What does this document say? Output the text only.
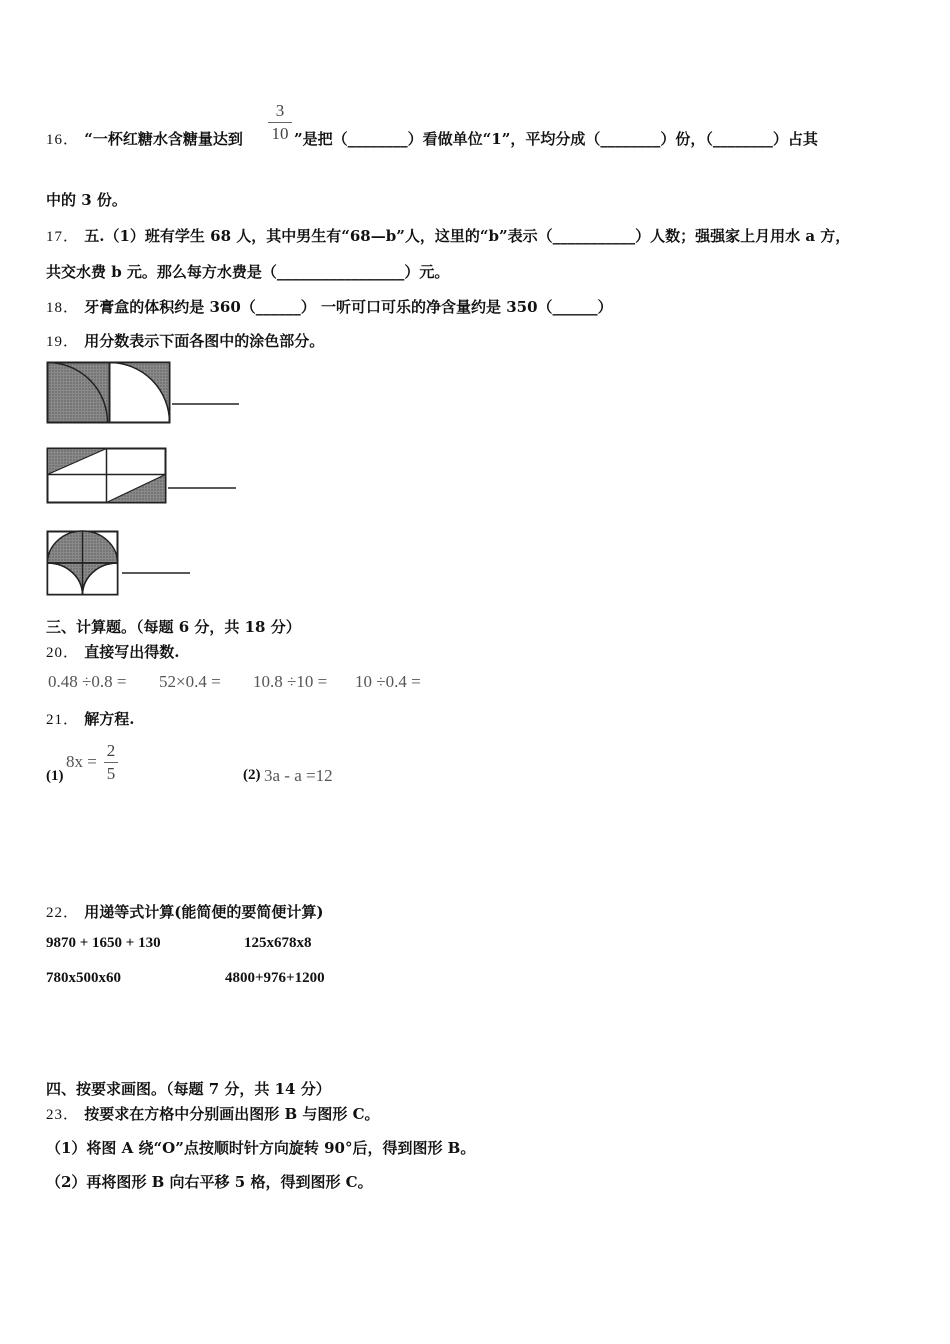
16． “一杯红糖水含糖量达到
3
10 ”是把（________）看做单位“1”，平均分成（________）份，（________）占其
中的 3 份。
17． 五.（1）班有学生 68 人，其中男生有“68—b”人，这里的“b”表示（___________）人数；强强家上月用水 a 方，
共交水费 b 元。那么每方水费是（_________________）元。
18． 牙膏盒的体积约是 360（______） 一听可口可乐的净含量约是 350（______）
19． 用分数表示下面各图中的涂色部分。
三、计算题。（每题 6 分，共 18 分）
20． 直接写出得数.
0.48 ÷0.8 = 52×0.4 = 10.8 ÷10 = 10 ÷0.4 =
21． 解方程.
(1)
8x =
2
5	(2) 3a - a =12
22． 用递等式计算(能简便的要简便计算)
9870 + 1650 + 130	125x678x8
780x500x60	4800+976+1200
四、按要求画图。（每题 7 分，共 14 分）
23． 按要求在方格中分别画出图形 B 与图形 C。
（1）将图 A 绕“O”点按顺时针方向旋转 90°后，得到图形 B。
（2）再将图形 B 向右平移 5 格，得到图形 C。
